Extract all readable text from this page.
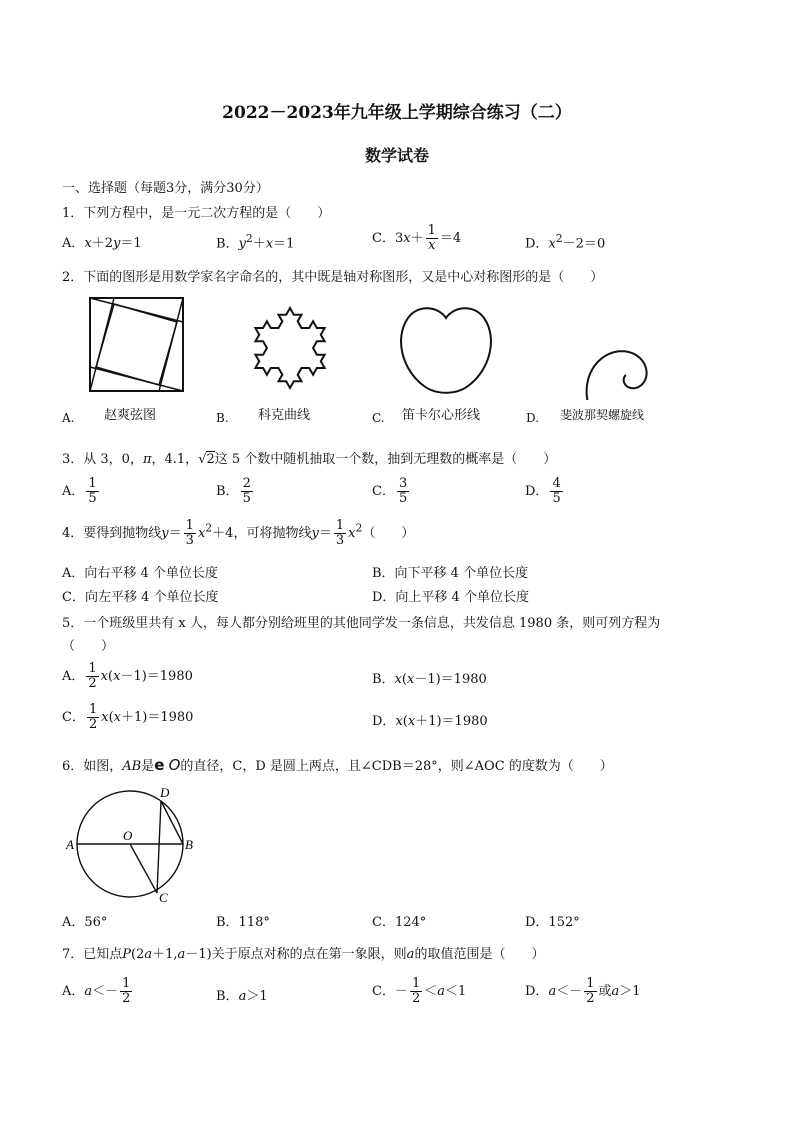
2022－2023年九年级上学期综合练习（二）
数学试卷
一、选择题（每题3分，满分30分）
1．下列方程中，是一元二次方程的是（　　）
A．x＋2y＝1	B．$y^2+x=1$	C．$3x+ \frac{1}{x} =4$	D．$x^2-2=0$
2．下面的图形是用数学家名字命名的，其中既是轴对称图形，又是中心对称图形的是（　　）
A. 赵爽弦图	B. 科克曲线	C. 笛卡尔心形线	D. 斐波那契螺旋线
3．从 3，0，π，4.1，√2这 5 个数中随机抽取一个数，抽到无理数的概率是（　　）
A． $\frac{1}{5}$	B． $\frac{2}{5}$	C． $\frac{3}{5}$	D． $\frac{4}{5}$
4．要得到抛物线$y= \frac{1}{3} x^2+4$，可将抛物线$y= \frac{1}{3} x^2$（　　）
A．向右平移 4 个单位长度	B．向下平移 4 个单位长度
C．向左平移 4 个单位长度	D．向上平移 4 个单位长度
5．一个班级里共有 x 人，每人都分别给班里的其他同学发一条信息，共发信息 1980 条，则可列方程为
（　　）
A． $\frac{1}{2} x(x-1)=1980$	B．x(x－1)＝1980
C． $\frac{1}{2} x(x+1)=1980$	D．x(x＋1)＝1980
6．如图，AB是e O的直径，C，D 是圆上两点，且∠CDB＝28°，则∠AOC 的度数为（　　）
A	B
C
D
O
A．56°	B．118°	C．124°	D．152°
7．已知点P(2a＋1,a－1)关于原点对称的点在第一象限，则a的取值范围是（　　）
A．$a<- \frac{1}{2}$	B．a＞1	C．－ $\frac{1}{2} <a<1$	D．$a<- \frac{1}{2}$ 或a＞1
